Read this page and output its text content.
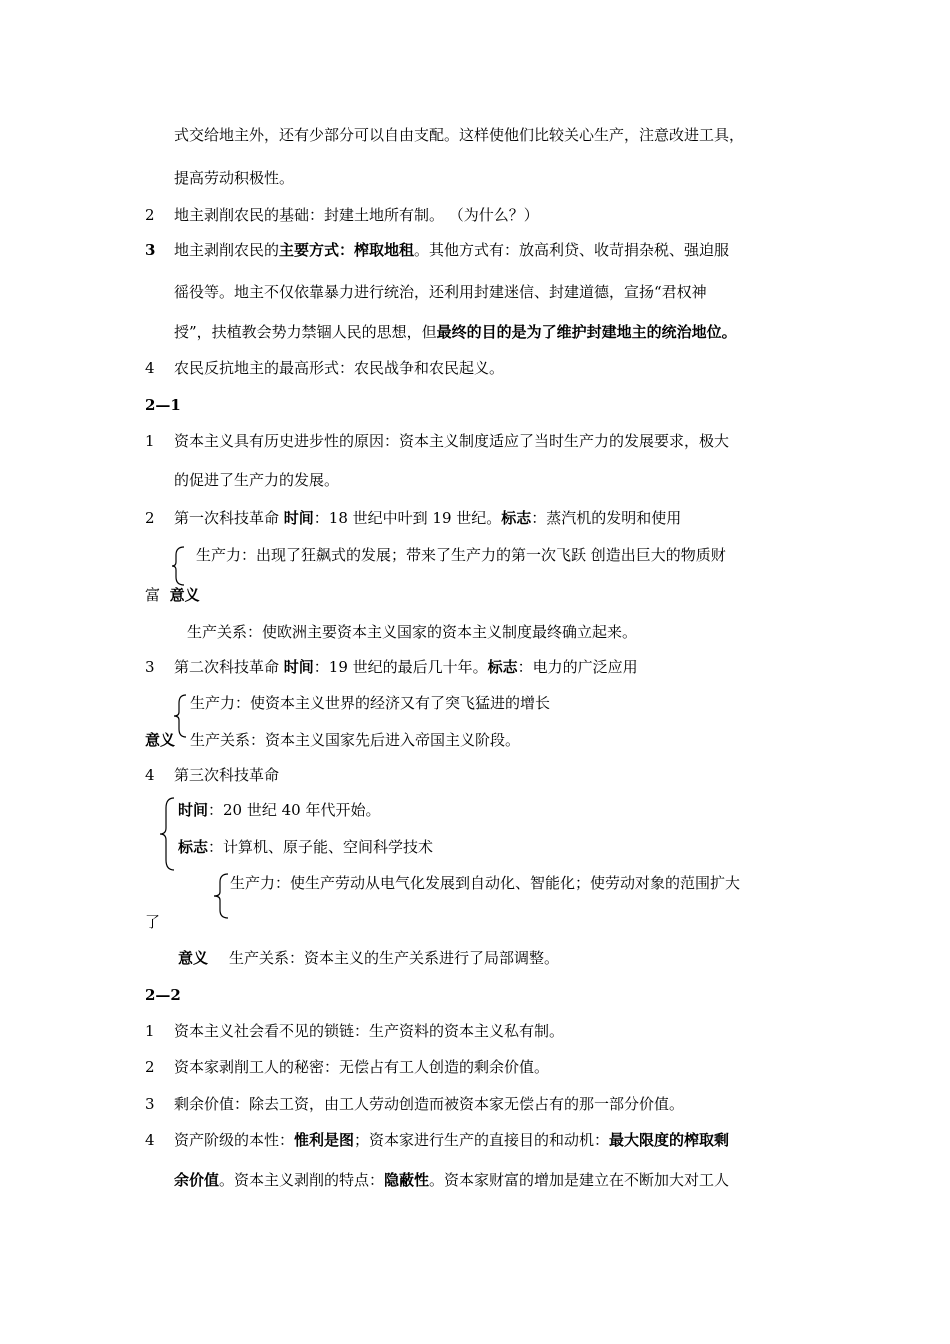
式交给地主外，还有少部分可以自由支配。这样使他们比较关心生产，注意改进工具，
提高劳动积极性。
2 地主剥削农民的基础：封建土地所有制。 （为什么？）
3 地主剥削农民的主要方式：榨取地租。其他方式有：放高利贷、收苛捐杂税、强迫服
徭役等。地主不仅依靠暴力进行统治，还利用封建迷信、封建道德，宣扬“君权神
授”，扶植教会势力禁锢人民的思想，但最终的目的是为了维护封建地主的统治地位。
4 农民反抗地主的最高形式：农民战争和农民起义。
2—1
1 资本主义具有历史进步性的原因：资本主义制度适应了当时生产力的发展要求，极大
的促进了生产力的发展。
2 第一次科技革命 时间：18 世纪中叶到 19 世纪。标志：蒸汽机的发明和使用
生产力：出现了狂飙式的发展；带来了生产力的第一次飞跃 创造出巨大的物质财
富 意义
生产关系：使欧洲主要资本主义国家的资本主义制度最终确立起来。
3 第二次科技革命 时间：19 世纪的最后几十年。标志：电力的广泛应用
生产力：使资本主义世界的经济又有了突飞猛进的增长
意义 生产关系：资本主义国家先后进入帝国主义阶段。
4 第三次科技革命
时间：20 世纪 40 年代开始。
标志：计算机、原子能、空间科学技术
生产力：使生产劳动从电气化发展到自动化、智能化；使劳动对象的范围扩大
了
意义 生产关系：资本主义的生产关系进行了局部调整。
2—2
1 资本主义社会看不见的锁链：生产资料的资本主义私有制。
2 资本家剥削工人的秘密：无偿占有工人创造的剩余价值。
3 剩余价值：除去工资，由工人劳动创造而被资本家无偿占有的那一部分价值。
4 资产阶级的本性：惟利是图；资本家进行生产的直接目的和动机：最大限度的榨取剩
余价值。资本主义剥削的特点：隐蔽性。资本家财富的增加是建立在不断加大对工人
